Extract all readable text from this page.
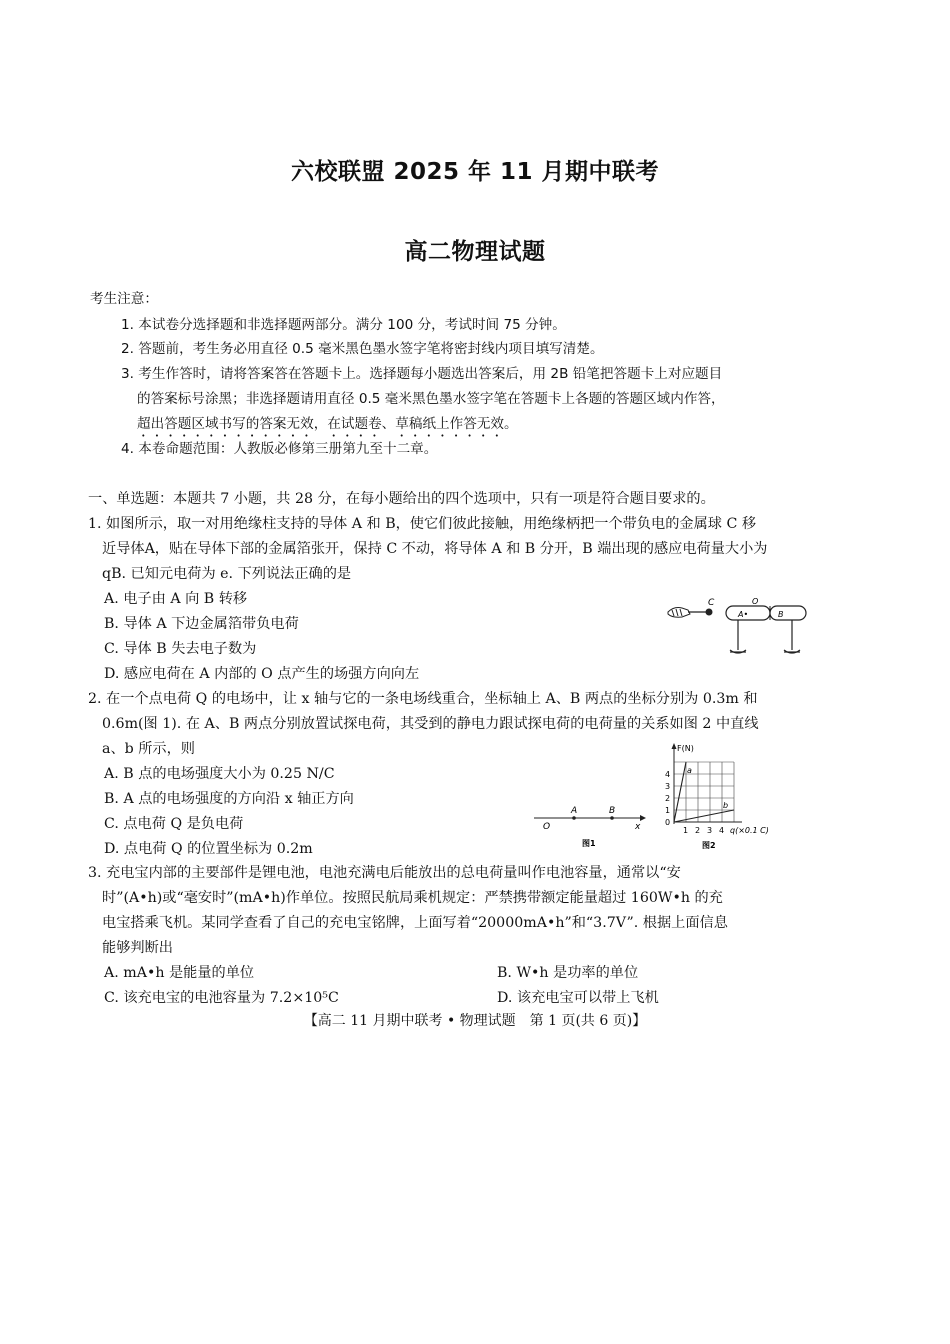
六校联盟 2025 年 11 月期中联考
高二物理试题
考生注意：
1. 本试卷分选择题和非选择题两部分。满分 100 分，考试时间 75 分钟。
2. 答题前，考生务必用直径 0.5 毫米黑色墨水签字笔将密封线内项目填写清楚。
3. 考生作答时，请将答案答在答题卡上。选择题每小题选出答案后，用 2B 铅笔把答题卡上对应题目
的答案标号涂黑；非选择题请用直径 0.5 毫米黑色墨水签字笔在答题卡上各题的答题区域内作答，
超出答题区域书写的答案无效，在试题卷、草稿纸上作答无效。
4. 本卷命题范围：人教版必修第三册第九至十二章。
一、单选题：本题共 7 小题，共 28 分，在每小题给出的四个选项中，只有一项是符合题目要求的。
1. 如图所示，取一对用绝缘柱支持的导体 A 和 B，使它们彼此接触，用绝缘柄把一个带负电的金属球 C 移
近导体A，贴在导体下部的金属箔张开，保持 C 不动，将导体 A 和 B 分开，B 端出现的感应电荷量大小为
qB. 已知元电荷为 e. 下列说法正确的是
A. 电子由 A 向 B 转移
B. 导体 A 下边金属箔带负电荷
C. 导体 B 失去电子数为
D. 感应电荷在 A 内部的 O 点产生的场强方向向左
C	O
A•	B
2. 在一个点电荷 Q 的电场中，让 x 轴与它的一条电场线重合，坐标轴上 A、B 两点的坐标分别为 0.3m 和
0.6m(图 1). 在 A、B 两点分别放置试探电荷，其受到的静电力跟试探电荷的电荷量的关系如图 2 中直线
a、b 所示，则
A. B 点的电场强度大小为 0.25 N/C
B. A 点的电场强度的方向沿 x 轴正方向
C. 点电荷 Q 是负电荷
D. 点电荷 Q 的位置坐标为 0.2m
O
A	B
x
图1
F(N)
0
1
2
3
4
1 2 3 4 q(×0.1 C)
a
b
图2
3. 充电宝内部的主要部件是锂电池，电池充满电后能放出的总电荷量叫作电池容量，通常以“安
时”(A•h)或“毫安时”(mA•h)作单位。按照民航局乘机规定：严禁携带额定能量超过 160W•h 的充
电宝搭乘飞机。某同学查看了自己的充电宝铭牌，上面写着“20000mA•h”和“3.7V”. 根据上面信息
能够判断出
A. mA•h 是能量的单位	B. W•h 是功率的单位
C. 该充电宝的电池容量为 7.2×10⁵C	D. 该充电宝可以带上飞机
【高二 11 月期中联考 • 物理试题　第 1 页(共 6 页)】
